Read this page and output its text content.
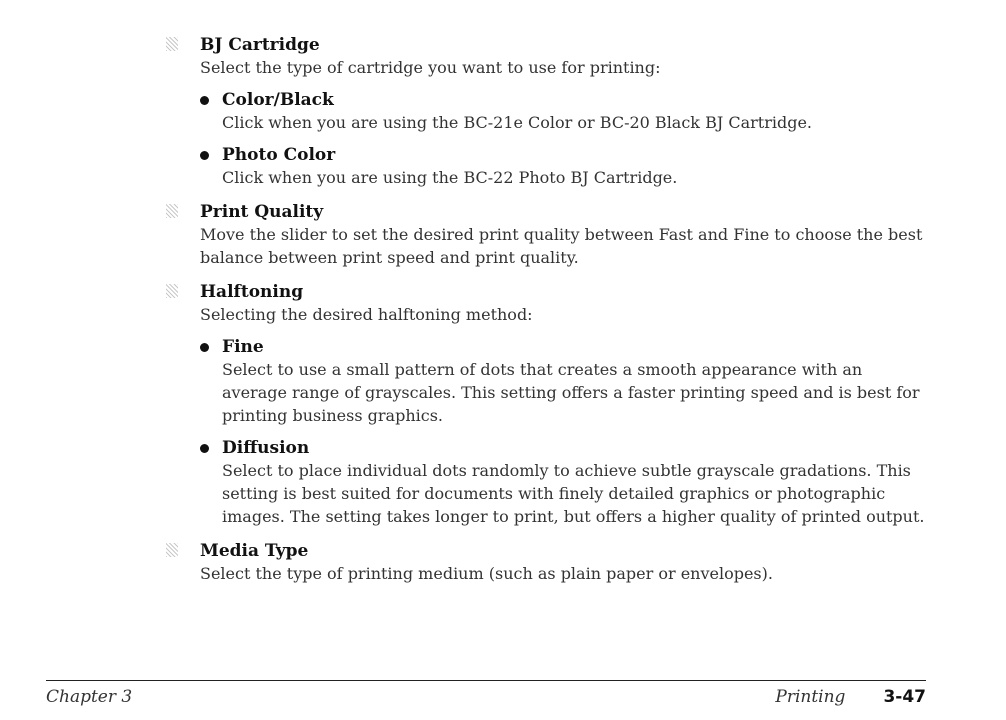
BJ Cartridge
Select the type of cartridge you want to use for printing:
Color/Black
Click when you are using the BC-21e Color or BC-20 Black BJ Cartridge.
Photo Color
Click when you are using the BC-22 Photo BJ Cartridge.
Print Quality
Move the slider to set the desired print quality between Fast and Fine to choose the best balance between print speed and print quality.
Halftoning
Selecting the desired halftoning method:
Fine
Select to use a small pattern of dots that creates a smooth appearance with an average range of grayscales. This setting offers a faster printing speed and is best for printing business graphics.
Diffusion
Select to place individual dots randomly to achieve subtle grayscale gradations. This setting is best suited for documents with finely detailed graphics or photographic images. The setting takes longer to print, but offers a higher quality of printed output.
Media Type
Select the type of printing medium (such as plain paper or envelopes).
Chapter 3	Printing 3-47
